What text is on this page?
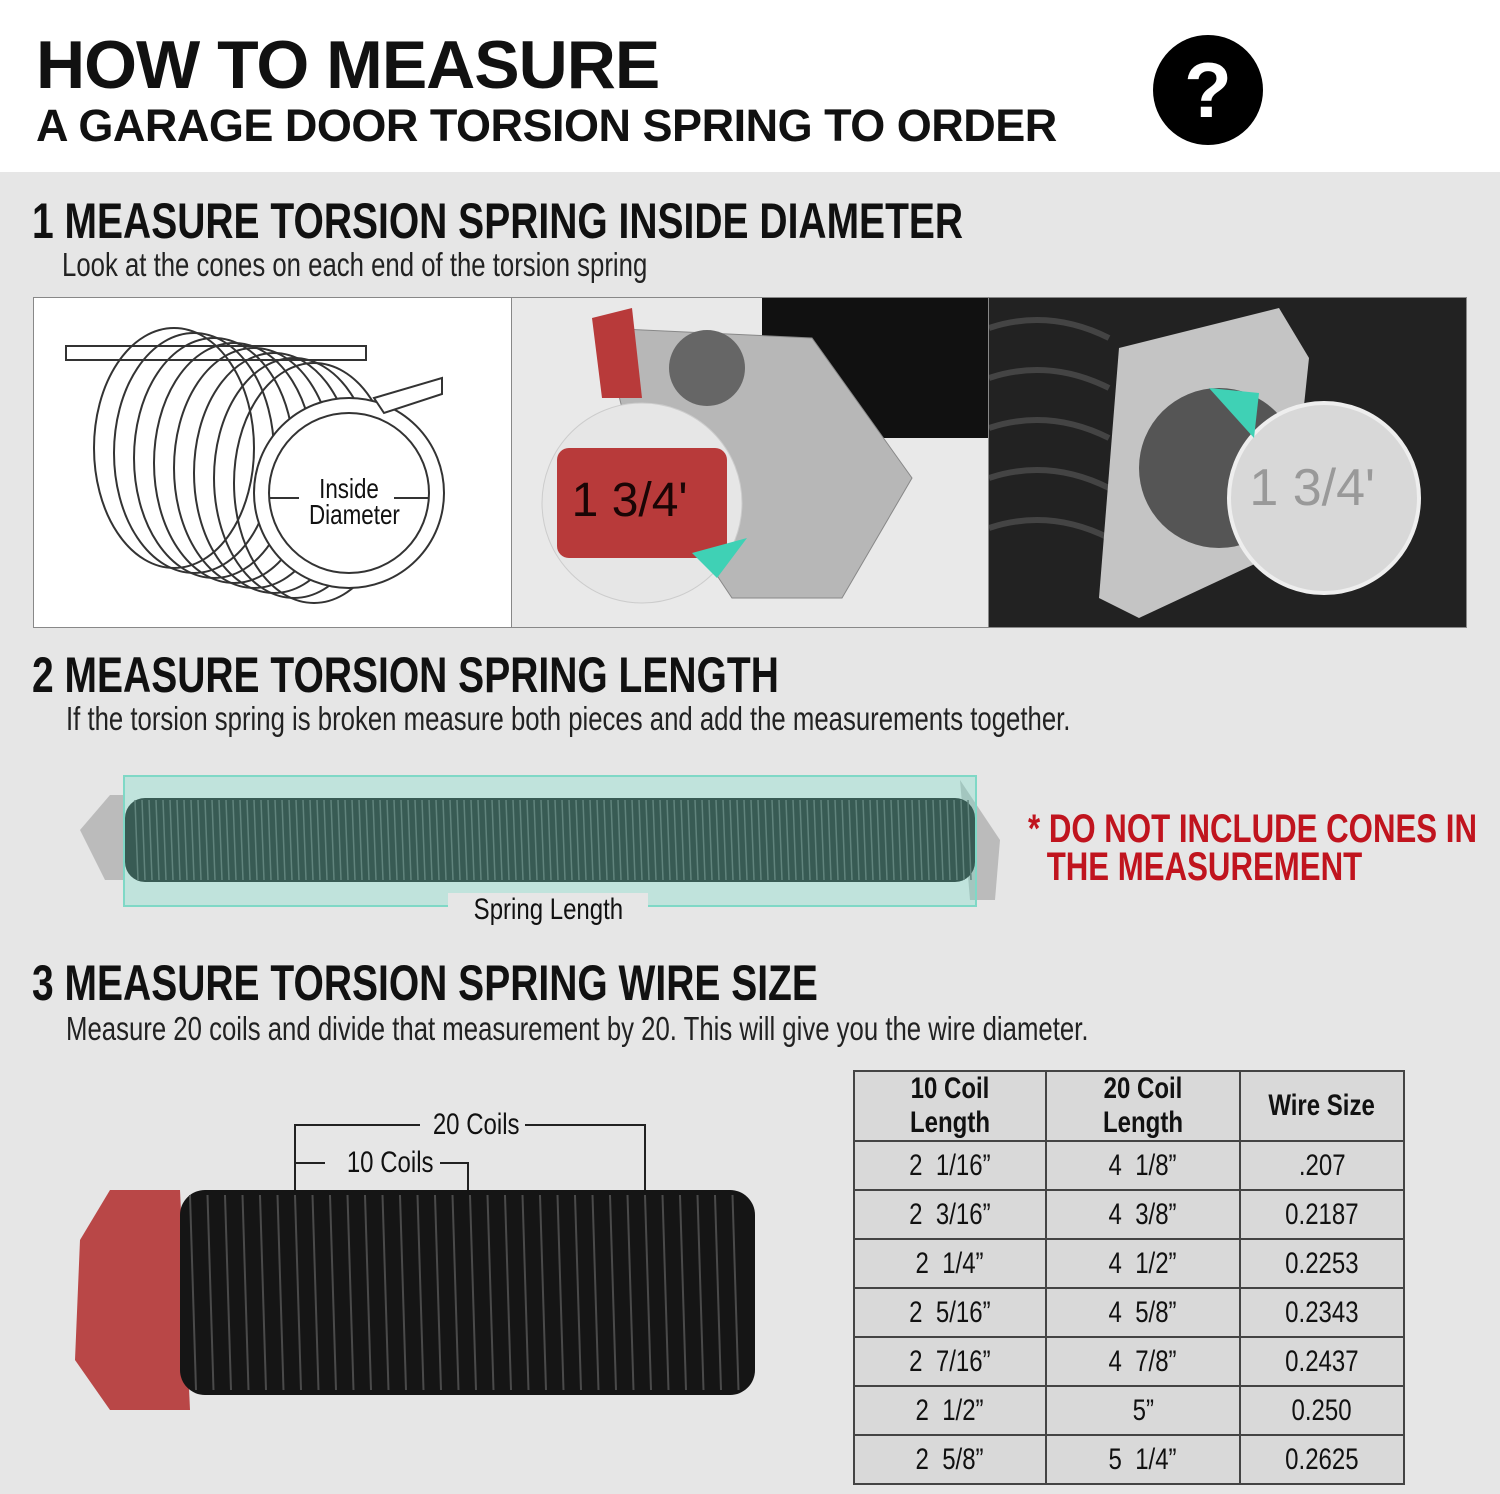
HOW TO MEASURE
A GARAGE DOOR TORSION SPRING TO ORDER	?
1 MEASURE TORSION SPRING INSIDE DIAMETER
Look at the cones on each end of the torsion spring
Inside
Diameter	1 3/4'	1 3/4'
2 MEASURE TORSION SPRING LENGTH
If the torsion spring is broken measure both pieces and add the measurements together.
Spring Length
* DO NOT INCLUDE CONES IN
THE MEASUREMENT
3 MEASURE TORSION SPRING WIRE SIZE
Measure 20 coils and divide that measurement by 20. This will give you the wire diameter.
20 Coils
10 Coils
10 Coil Length	20 Coil Length	Wire Size
2  1/16”	4  1/8”	.207
2  3/16”	4  3/8”	0.2187
2  1/4”	4  1/2”	0.2253
2  5/16”	4  5/8”	0.2343
2  7/16”	4  7/8”	0.2437
2  1/2”	5”	0.250
2  5/8”	5  1/4”	0.2625
